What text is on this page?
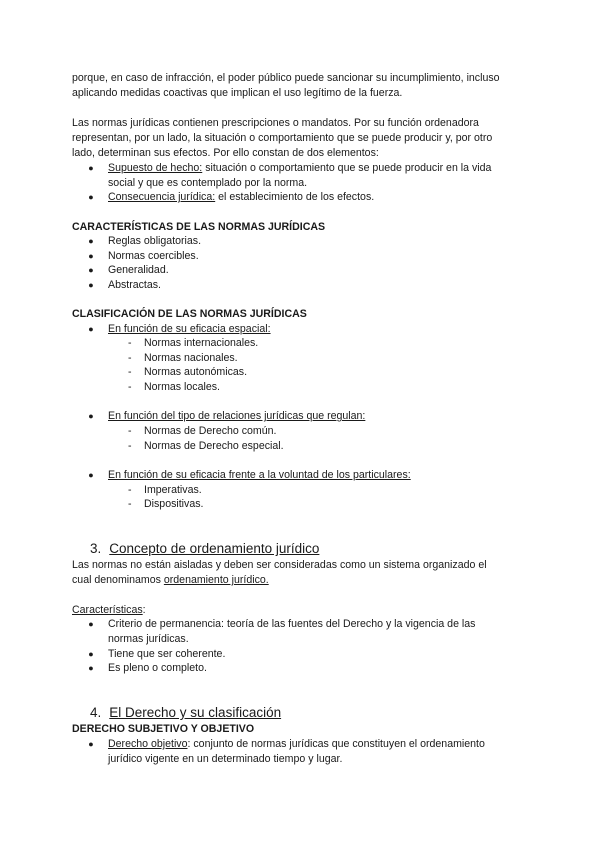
porque, en caso de infracción, el poder público puede sancionar su incumplimiento, incluso
aplicando medidas coactivas que implican el uso legítimo de la fuerza.
Las normas jurídicas contienen prescripciones o mandatos. Por su función ordenadora
representan, por un lado, la situación o comportamiento que se puede producir y, por otro
lado, determinan sus efectos. Por ello constan de dos elementos:
● Supuesto de hecho: situación o comportamiento que se puede producir en la vida
social y que es contemplado por la norma.
● Consecuencia jurídica: el establecimiento de los efectos.
CARACTERÍSTICAS DE LAS NORMAS JURÍDICAS
● Reglas obligatorias.
● Normas coercibles.
● Generalidad.
● Abstractas.
CLASIFICACIÓN DE LAS NORMAS JURÍDICAS
● En función de su eficacia espacial:
- Normas internacionales.
- Normas nacionales.
- Normas autonómicas.
- Normas locales.
● En función del tipo de relaciones jurídicas que regulan:
- Normas de Derecho común.
- Normas de Derecho especial.
● En función de su eficacia frente a la voluntad de los particulares:
- Imperativas.
- Dispositivas.
3. Concepto de ordenamiento jurídico
Las normas no están aisladas y deben ser consideradas como un sistema organizado el
cual denominamos ordenamiento jurídico.
Características:
● Criterio de permanencia: teoría de las fuentes del Derecho y la vigencia de las
normas jurídicas.
● Tiene que ser coherente.
● Es pleno o completo.
4. El Derecho y su clasificación
DERECHO SUBJETIVO Y OBJETIVO
● Derecho objetivo: conjunto de normas jurídicas que constituyen el ordenamiento
jurídico vigente en un determinado tiempo y lugar.
